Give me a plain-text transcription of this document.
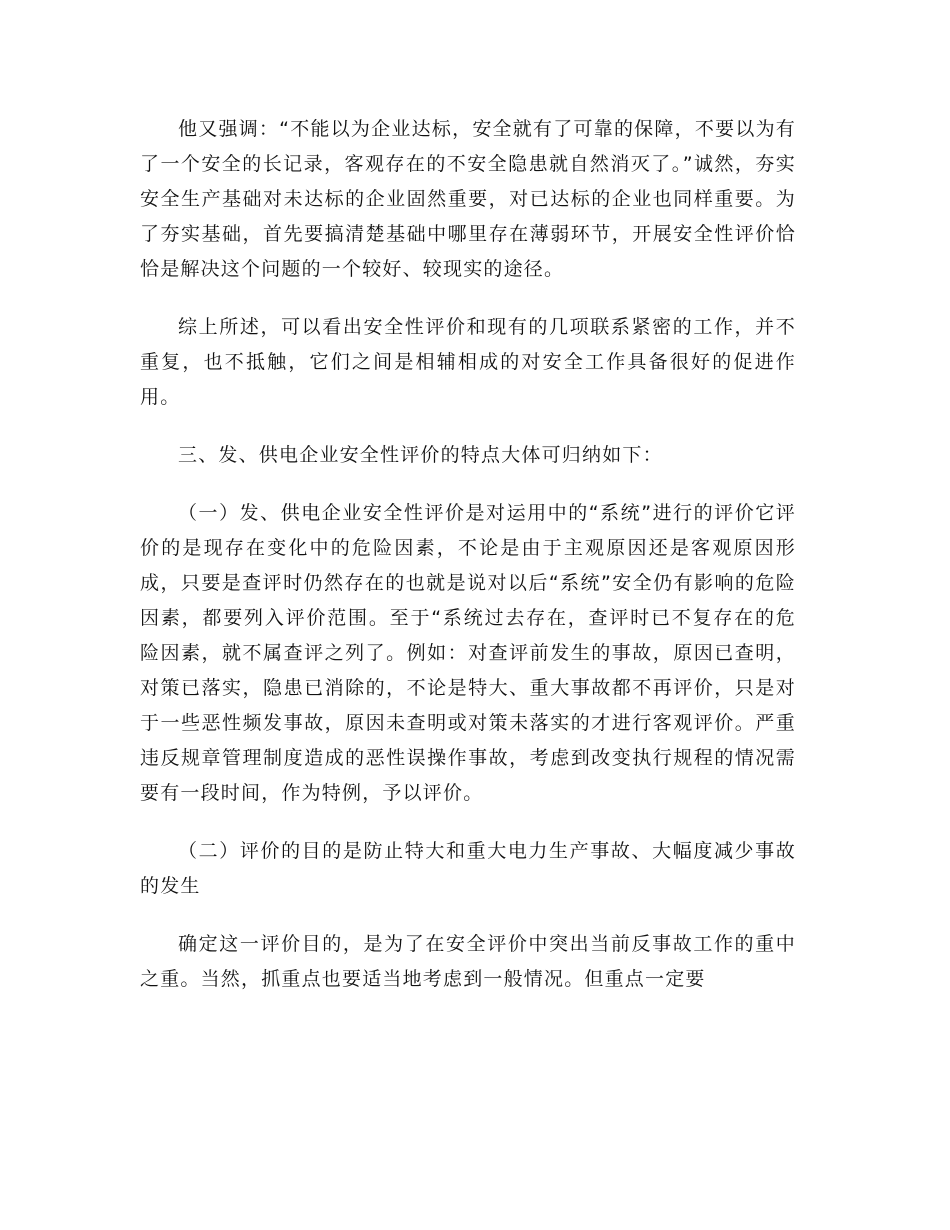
他又强调：“不能以为企业达标，安全就有了可靠的保障，不要以为有了一个安全的长记录，客观存在的不安全隐患就自然消灭了。”诚然，夯实安全生产基础对未达标的企业固然重要，对已达标的企业也同样重要。为了夯实基础，首先要搞清楚基础中哪里存在薄弱环节，开展安全性评价恰恰是解决这个问题的一个较好、较现实的途径。

综上所述，可以看出安全性评价和现有的几项联系紧密的工作，并不重复，也不抵触，它们之间是相辅相成的对安全工作具备很好的促进作用。

三、发、供电企业安全性评价的特点大体可归纳如下：

（一）发、供电企业安全性评价是对运用中的“系统”进行的评价它评价的是现存在变化中的危险因素，不论是由于主观原因还是客观原因形成，只要是查评时仍然存在的也就是说对以后“系统”安全仍有影响的危险因素，都要列入评价范围。至于“系统过去存在，查评时已不复存在的危险因素，就不属查评之列了。例如：对查评前发生的事故，原因已查明，对策已落实，隐患已消除的，不论是特大、重大事故都不再评价，只是对于一些恶性频发事故，原因未查明或对策未落实的才进行客观评价。严重违反规章管理制度造成的恶性误操作事故，考虑到改变执行规程的情况需要有一段时间，作为特例，予以评价。

（二）评价的目的是防止特大和重大电力生产事故、大幅度减少事故的发生

确定这一评价目的，是为了在安全评价中突出当前反事故工作的重中之重。当然，抓重点也要适当地考虑到一般情况。但重点一定要
